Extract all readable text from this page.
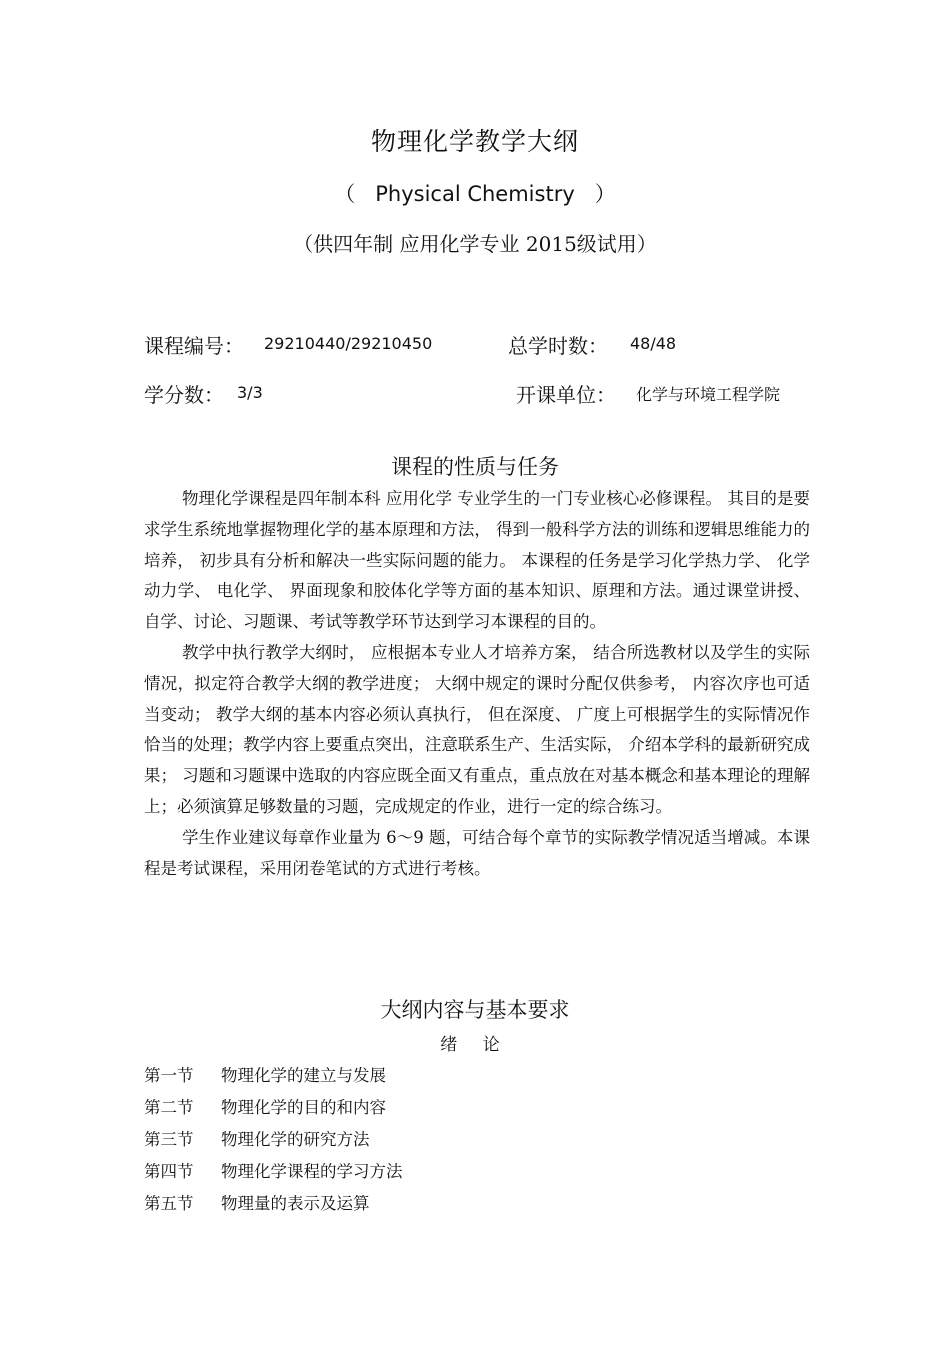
物理化学教学大纲
（ Physical Chemistry ）
（供四年制 应用化学专业 2015级试用）
课程编号： 29210440/29210450	总学时数： 48/48
学分数： 3/3	开课单位： 化学与环境工程学院
课程的性质与任务

物理化学课程是四年制本科 应用化学 专业学生的一门专业核心必修课程。 其目的是要求学生系统地掌握物理化学的基本原理和方法， 得到一般科学方法的训练和逻辑思维能力的培养， 初步具有分析和解决一些实际问题的能力。 本课程的任务是学习化学热力学、 化学动力学、 电化学、 界面现象和胶体化学等方面的基本知识、原理和方法。通过课堂讲授、自学、讨论、习题课、考试等教学环节达到学习本课程的目的。

教学中执行教学大纲时， 应根据本专业人才培养方案， 结合所选教材以及学生的实际情况，拟定符合教学大纲的教学进度； 大纲中规定的课时分配仅供参考， 内容次序也可适当变动； 教学大纲的基本内容必须认真执行， 但在深度、 广度上可根据学生的实际情况作恰当的处理；教学内容上要重点突出，注意联系生产、生活实际， 介绍本学科的最新研究成果； 习题和习题课中选取的内容应既全面又有重点，重点放在对基本概念和基本理论的理解上；必须演算足够数量的习题，完成规定的作业，进行一定的综合练习。

学生作业建议每章作业量为 6～9 题，可结合每个章节的实际教学情况适当增减。本课程是考试课程，采用闭卷笔试的方式进行考核。

大纲内容与基本要求
绪 论
第一节 物理化学的建立与发展
第二节 物理化学的目的和内容
第三节 物理化学的研究方法
第四节 物理化学课程的学习方法
第五节 物理量的表示及运算
